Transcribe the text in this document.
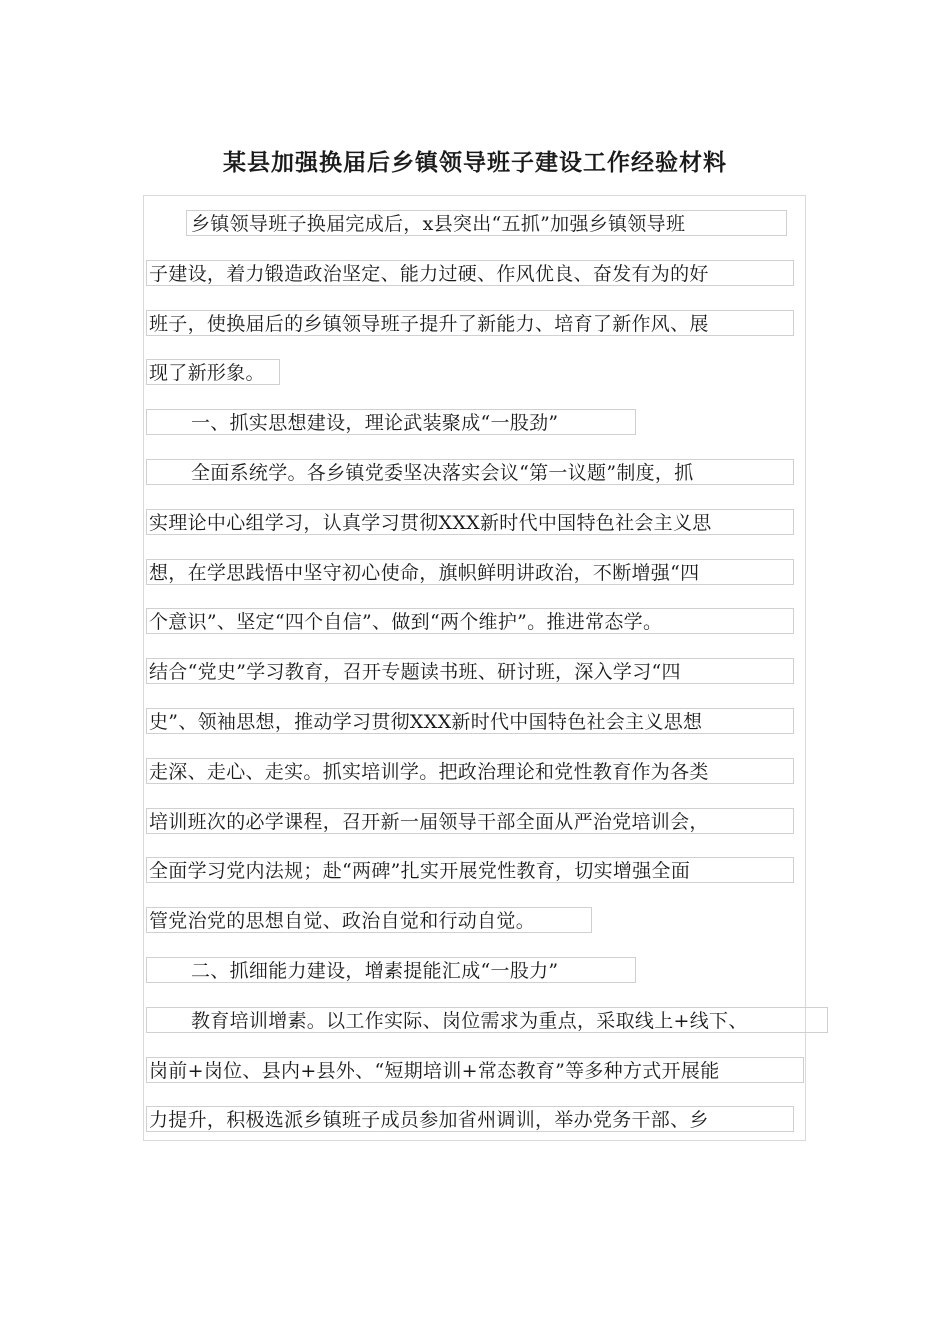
某县加强换届后乡镇领导班子建设工作经验材料
乡镇领导班子换届完成后，x县突出“五抓”加强乡镇领导班
子建设，着力锻造政治坚定、能力过硬、作风优良、奋发有为的好
班子，使换届后的乡镇领导班子提升了新能力、培育了新作风、展
现了新形象。
一、抓实思想建设，理论武装聚成“一股劲”
全面系统学。各乡镇党委坚决落实会议“第一议题”制度，抓
实理论中心组学习，认真学习贯彻XXX新时代中国特色社会主义思
想，在学思践悟中坚守初心使命，旗帜鲜明讲政治，不断增强“四
个意识”、坚定“四个自信”、做到“两个维护”。推进常态学。
结合“党史”学习教育，召开专题读书班、研讨班，深入学习“四
史”、领袖思想，推动学习贯彻XXX新时代中国特色社会主义思想
走深、走心、走实。抓实培训学。把政治理论和党性教育作为各类
培训班次的必学课程，召开新一届领导干部全面从严治党培训会，
全面学习党内法规；赴“两碑”扎实开展党性教育，切实增强全面
管党治党的思想自觉、政治自觉和行动自觉。
二、抓细能力建设，增素提能汇成“一股力”
教育培训增素。以工作实际、岗位需求为重点，采取线上+线下、
岗前+岗位、县内+县外、“短期培训+常态教育”等多种方式开展能
力提升，积极选派乡镇班子成员参加省州调训，举办党务干部、乡
